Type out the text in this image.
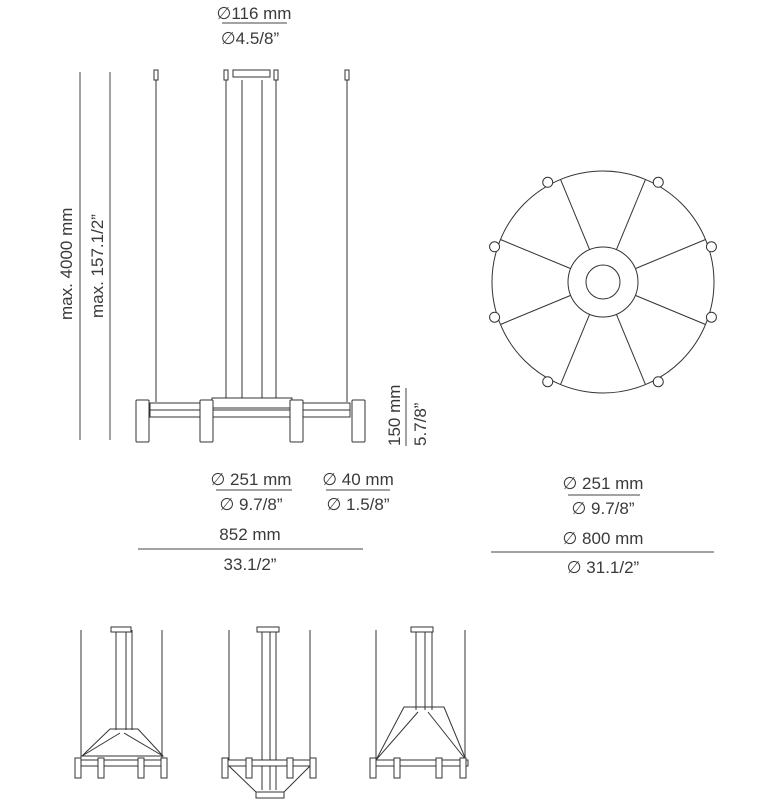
∅116 mm
∅4.5/8”
max. 4000 mm max. 157.1/2”
150 mm 5.7/8”
∅ 251 mm
∅ 9.7/8”
∅ 40 mm
∅ 1.5/8”
852 mm
33.1/2”
∅ 251 mm
∅ 9.7/8”
∅ 800 mm
∅ 31.1/2”
